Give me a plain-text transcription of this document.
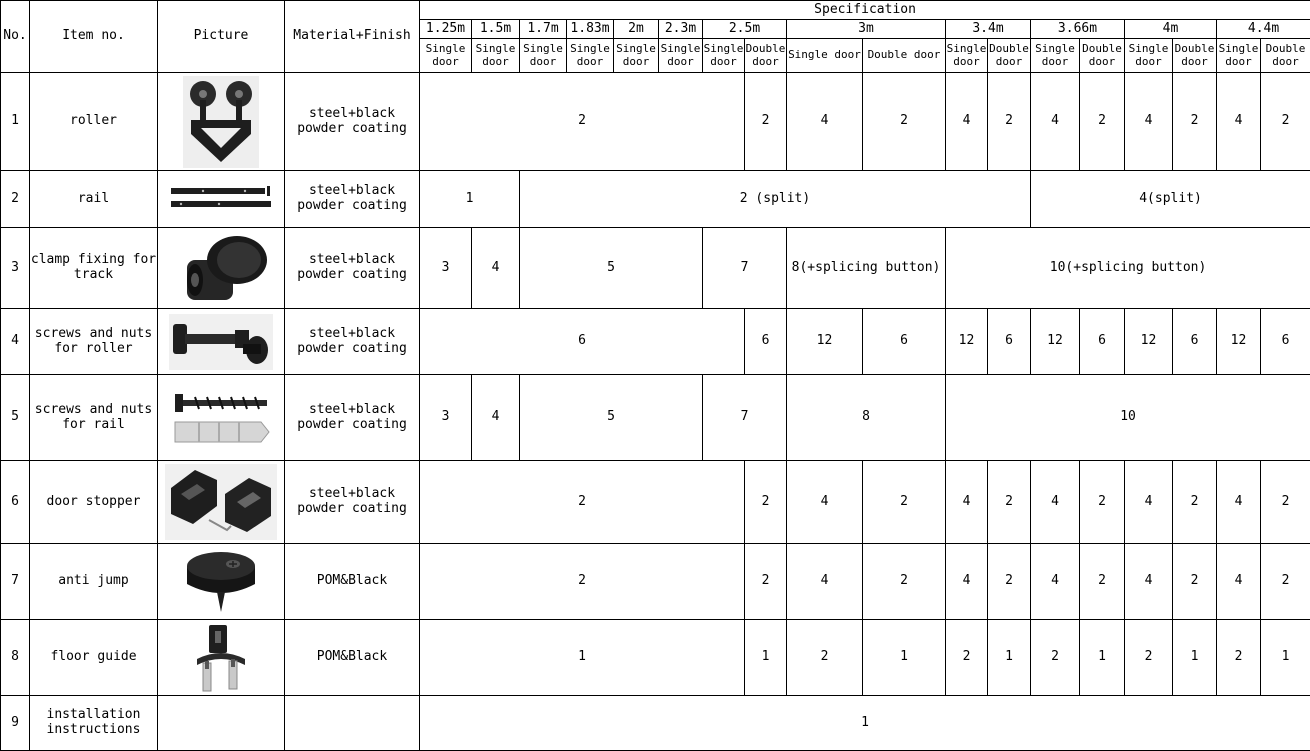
No.	Item no.	Picture	Material+Finish	Specification																		
				1.25m	1.5m	1.7m	1.83m	2m	2.3m	2.5m		3m		3.4m		3.66m		4m		4.4m		
				Single door	Single door	Single door	Single door	Single door	Single door	Single door	Double door	Single door	Double door	Single door	Double door	Single door	Double door	Single door	Double door	Single door	Double door	
1	roller		steel+black powder coating	2							2	4	2	4	2	4	2	4	2	4	2	
2	rail		steel+black powder coating	1		2 (split)										4(split)						
3	clamp fixing for track		steel+black powder coating	3	4	5				7		8(+splicing button)		10(+splicing button)								
4	screws and nuts for roller		steel+black powder coating	6							6	12	6	12	6	12	6	12	6	12	6	
5	screws and nuts for rail		steel+black powder coating	3	4	5				7		8		10								
6	door stopper		steel+black powder coating	2							2	4	2	4	2	4	2	4	2	4	2	
7	anti jump		POM&Black	2							2	4	2	4	2	4	2	4	2	4	2	
8	floor guide		POM&Black	1							1	2	1	2	1	2	1	2	1	2	1	
9	installation instructions			1																		
